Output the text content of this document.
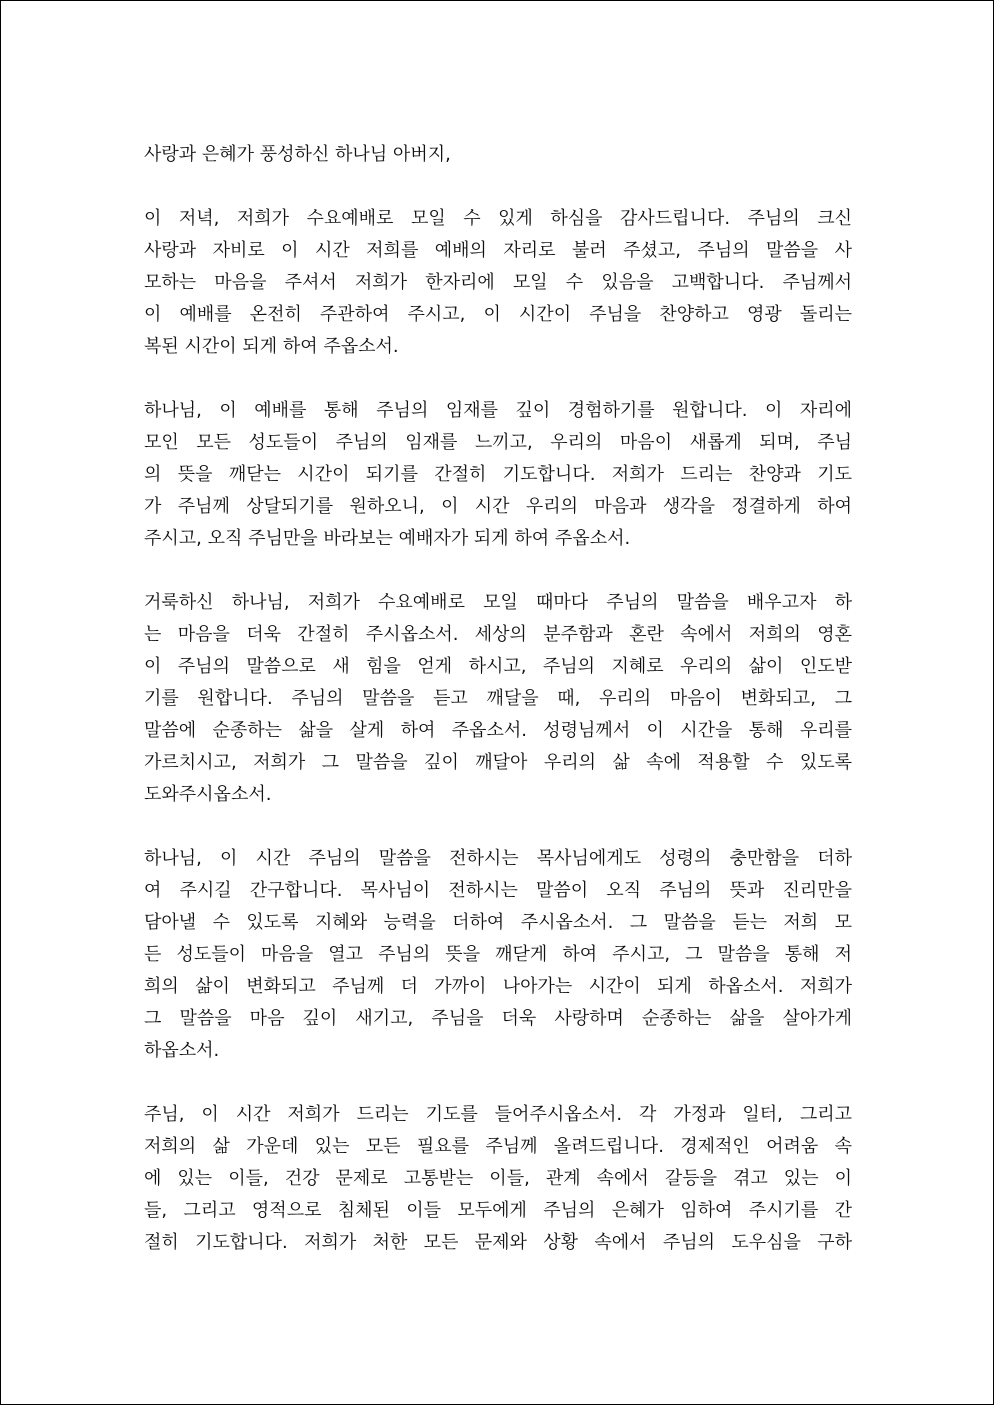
사랑과 은혜가 풍성하신 하나님 아버지,
이 저녁, 저희가 수요예배로 모일 수 있게 하심을 감사드립니다. 주님의 크신
사랑과 자비로 이 시간 저희를 예배의 자리로 불러 주셨고, 주님의 말씀을 사
모하는 마음을 주셔서 저희가 한자리에 모일 수 있음을 고백합니다. 주님께서
이 예배를 온전히 주관하여 주시고, 이 시간이 주님을 찬양하고 영광 돌리는
복된 시간이 되게 하여 주옵소서.
하나님, 이 예배를 통해 주님의 임재를 깊이 경험하기를 원합니다. 이 자리에
모인 모든 성도들이 주님의 임재를 느끼고, 우리의 마음이 새롭게 되며, 주님
의 뜻을 깨닫는 시간이 되기를 간절히 기도합니다. 저희가 드리는 찬양과 기도
가 주님께 상달되기를 원하오니, 이 시간 우리의 마음과 생각을 정결하게 하여
주시고, 오직 주님만을 바라보는 예배자가 되게 하여 주옵소서.
거룩하신 하나님, 저희가 수요예배로 모일 때마다 주님의 말씀을 배우고자 하
는 마음을 더욱 간절히 주시옵소서. 세상의 분주함과 혼란 속에서 저희의 영혼
이 주님의 말씀으로 새 힘을 얻게 하시고, 주님의 지혜로 우리의 삶이 인도받
기를 원합니다. 주님의 말씀을 듣고 깨달을 때, 우리의 마음이 변화되고, 그
말씀에 순종하는 삶을 살게 하여 주옵소서. 성령님께서 이 시간을 통해 우리를
가르치시고, 저희가 그 말씀을 깊이 깨달아 우리의 삶 속에 적용할 수 있도록
도와주시옵소서.
하나님, 이 시간 주님의 말씀을 전하시는 목사님에게도 성령의 충만함을 더하
여 주시길 간구합니다. 목사님이 전하시는 말씀이 오직 주님의 뜻과 진리만을
담아낼 수 있도록 지혜와 능력을 더하여 주시옵소서. 그 말씀을 듣는 저희 모
든 성도들이 마음을 열고 주님의 뜻을 깨닫게 하여 주시고, 그 말씀을 통해 저
희의 삶이 변화되고 주님께 더 가까이 나아가는 시간이 되게 하옵소서. 저희가
그 말씀을 마음 깊이 새기고, 주님을 더욱 사랑하며 순종하는 삶을 살아가게
하옵소서.
주님, 이 시간 저희가 드리는 기도를 들어주시옵소서. 각 가정과 일터, 그리고
저희의 삶 가운데 있는 모든 필요를 주님께 올려드립니다. 경제적인 어려움 속
에 있는 이들, 건강 문제로 고통받는 이들, 관계 속에서 갈등을 겪고 있는 이
들, 그리고 영적으로 침체된 이들 모두에게 주님의 은혜가 임하여 주시기를 간
절히 기도합니다. 저희가 처한 모든 문제와 상황 속에서 주님의 도우심을 구하
